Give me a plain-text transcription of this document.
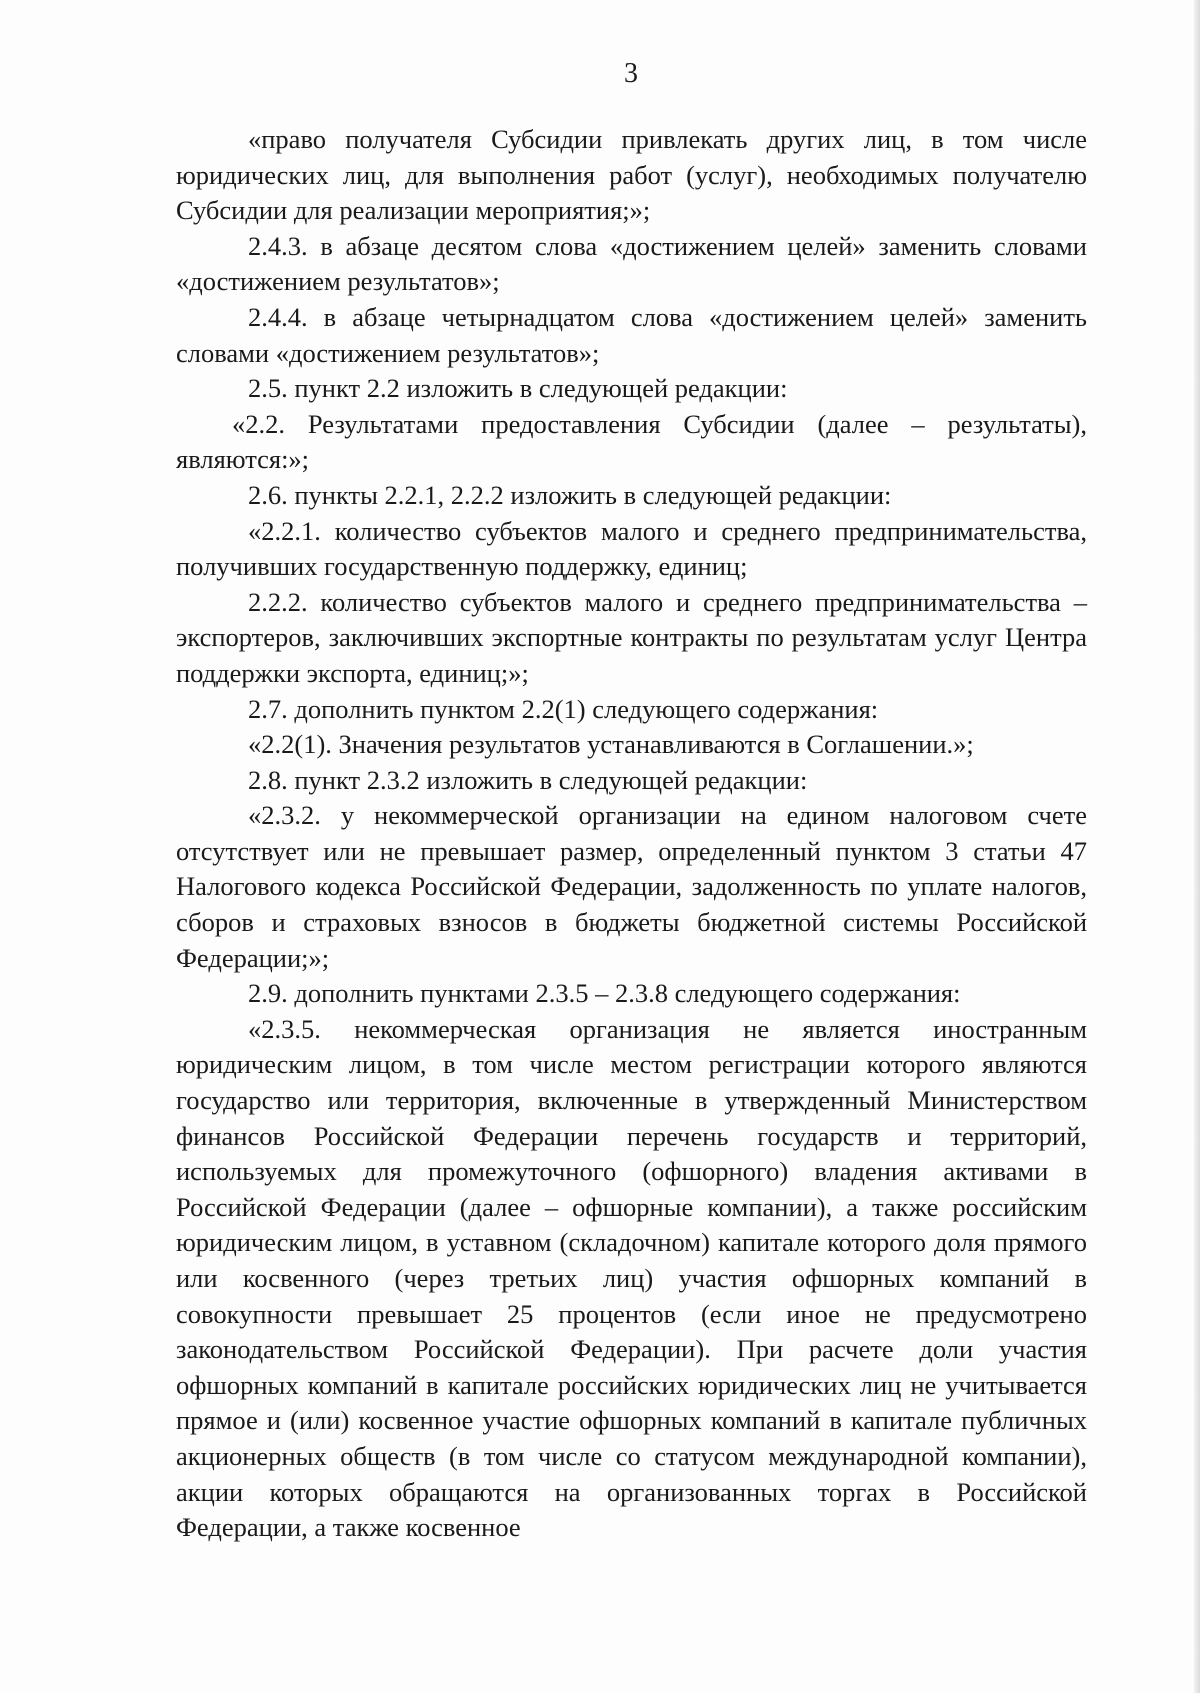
3

«право получателя Субсидии привлекать других лиц, в том числе юридических лиц, для выполнения работ (услуг), необходимых получателю Субсидии для реализации мероприятия;»;

2.4.3. в абзаце десятом слова «достижением целей» заменить словами «достижением результатов»;

2.4.4. в абзаце четырнадцатом слова «достижением целей» заменить словами «достижением результатов»;

2.5. пункт 2.2 изложить в следующей редакции:

«2.2. Результатами предоставления Субсидии (далее – результаты), являются:»;

2.6. пункты 2.2.1, 2.2.2 изложить в следующей редакции:

«2.2.1. количество субъектов малого и среднего предпринимательства, получивших государственную поддержку, единиц;

2.2.2. количество субъектов малого и среднего предпринимательства – экспортеров, заключивших экспортные контракты по результатам услуг Центра поддержки экспорта, единиц;»;

2.7. дополнить пунктом 2.2(1) следующего содержания:

«2.2(1). Значения результатов устанавливаются в Соглашении.»;

2.8. пункт 2.3.2 изложить в следующей редакции:

«2.3.2. у некоммерческой организации на едином налоговом счете отсутствует или не превышает размер, определенный пунктом 3 статьи 47 Налогового кодекса Российской Федерации, задолженность по уплате налогов, сборов и страховых взносов в бюджеты бюджетной системы Российской Федерации;»;

2.9. дополнить пунктами 2.3.5 – 2.3.8 следующего содержания:

«2.3.5. некоммерческая организация не является иностранным юридическим лицом, в том числе местом регистрации которого являются государство или территория, включенные в утвержденный Министерством финансов Российской Федерации перечень государств и территорий, используемых для промежуточного (офшорного) владения активами в Российской Федерации (далее – офшорные компании), а также российским юридическим лицом, в уставном (складочном) капитале которого доля прямого или косвенного (через третьих лиц) участия офшорных компаний в совокупности превышает 25 процентов (если иное не предусмотрено законодательством Российской Федерации). При расчете доли участия офшорных компаний в капитале российских юридических лиц не учитывается прямое и (или) косвенное участие офшорных компаний в капитале публичных акционерных обществ (в том числе со статусом международной компании), акции которых обращаются на организованных торгах в Российской Федерации, а также косвенное
